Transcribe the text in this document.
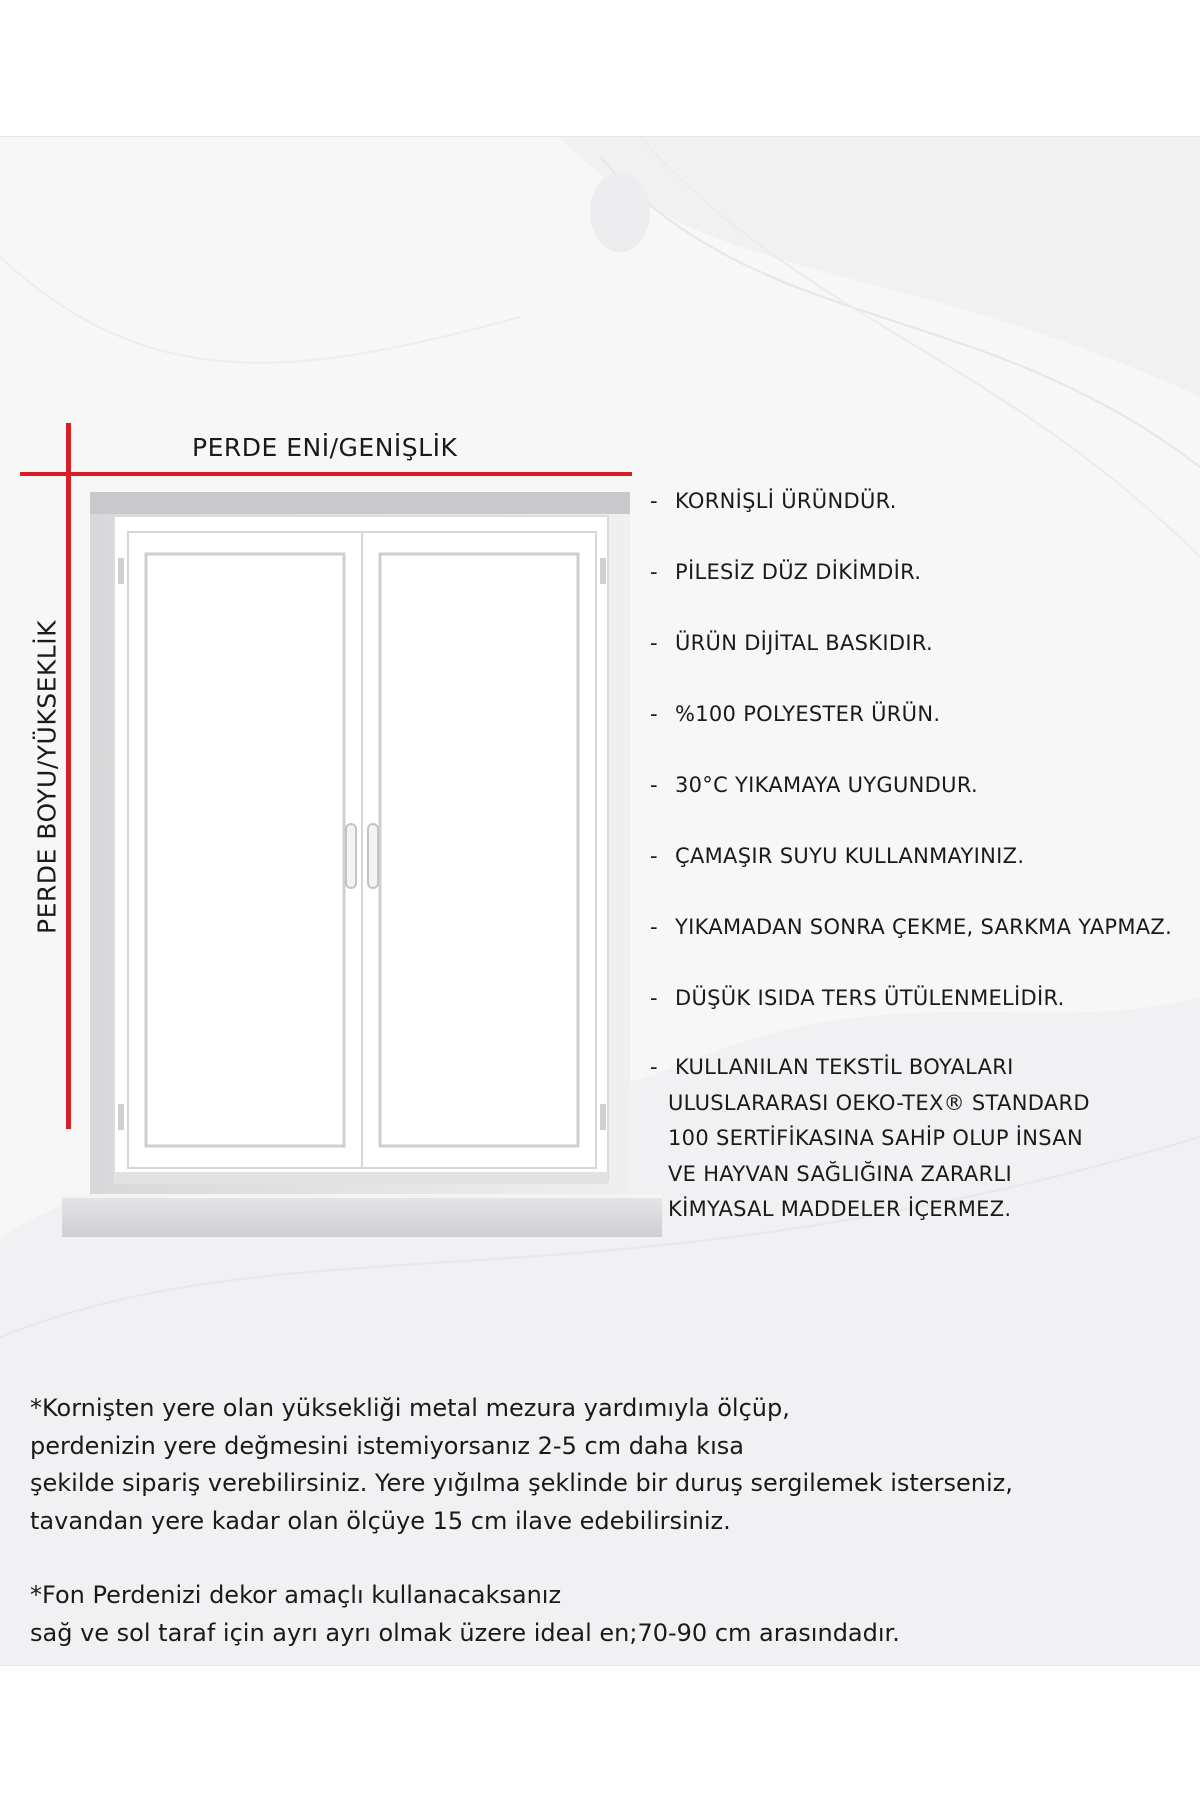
PERDE ENİ/GENİŞLİK
PERDE BOYU/YÜKSEKLİK
- KORNİŞLİ ÜRÜNDÜR.
- PİLESİZ DÜZ DİKİMDİR.
- ÜRÜN DİJİTAL BASKIDIR.
- %100 POLYESTER ÜRÜN.
- 30°C YIKAMAYA UYGUNDUR.
- ÇAMAŞIR SUYU KULLANMAYINIZ.
- YIKAMADAN SONRA ÇEKME, SARKMA YAPMAZ.
- DÜŞÜK ISIDA TERS ÜTÜLENMELİDİR.
- KULLANILAN TEKSTİL BOYALARI
ULUSLARARASI OEKO-TEX® STANDARD
100 SERTİFİKASINA SAHİP OLUP İNSAN
VE HAYVAN SAĞLIĞINA ZARARLI
KİMYASAL MADDELER İÇERMEZ.

*Kornişten yere olan yüksekliği metal mezura yardımıyla ölçüp,
perdenizin yere değmesini istemiyorsanız 2-5 cm daha kısa
şekilde sipariş verebilirsiniz. Yere yığılma şeklinde bir duruş sergilemek isterseniz,
tavandan yere kadar olan ölçüye 15 cm ilave edebilirsiniz.

*Fon Perdenizi dekor amaçlı kullanacaksanız
sağ ve sol taraf için ayrı ayrı olmak üzere ideal en;70-90 cm arasındadır.
